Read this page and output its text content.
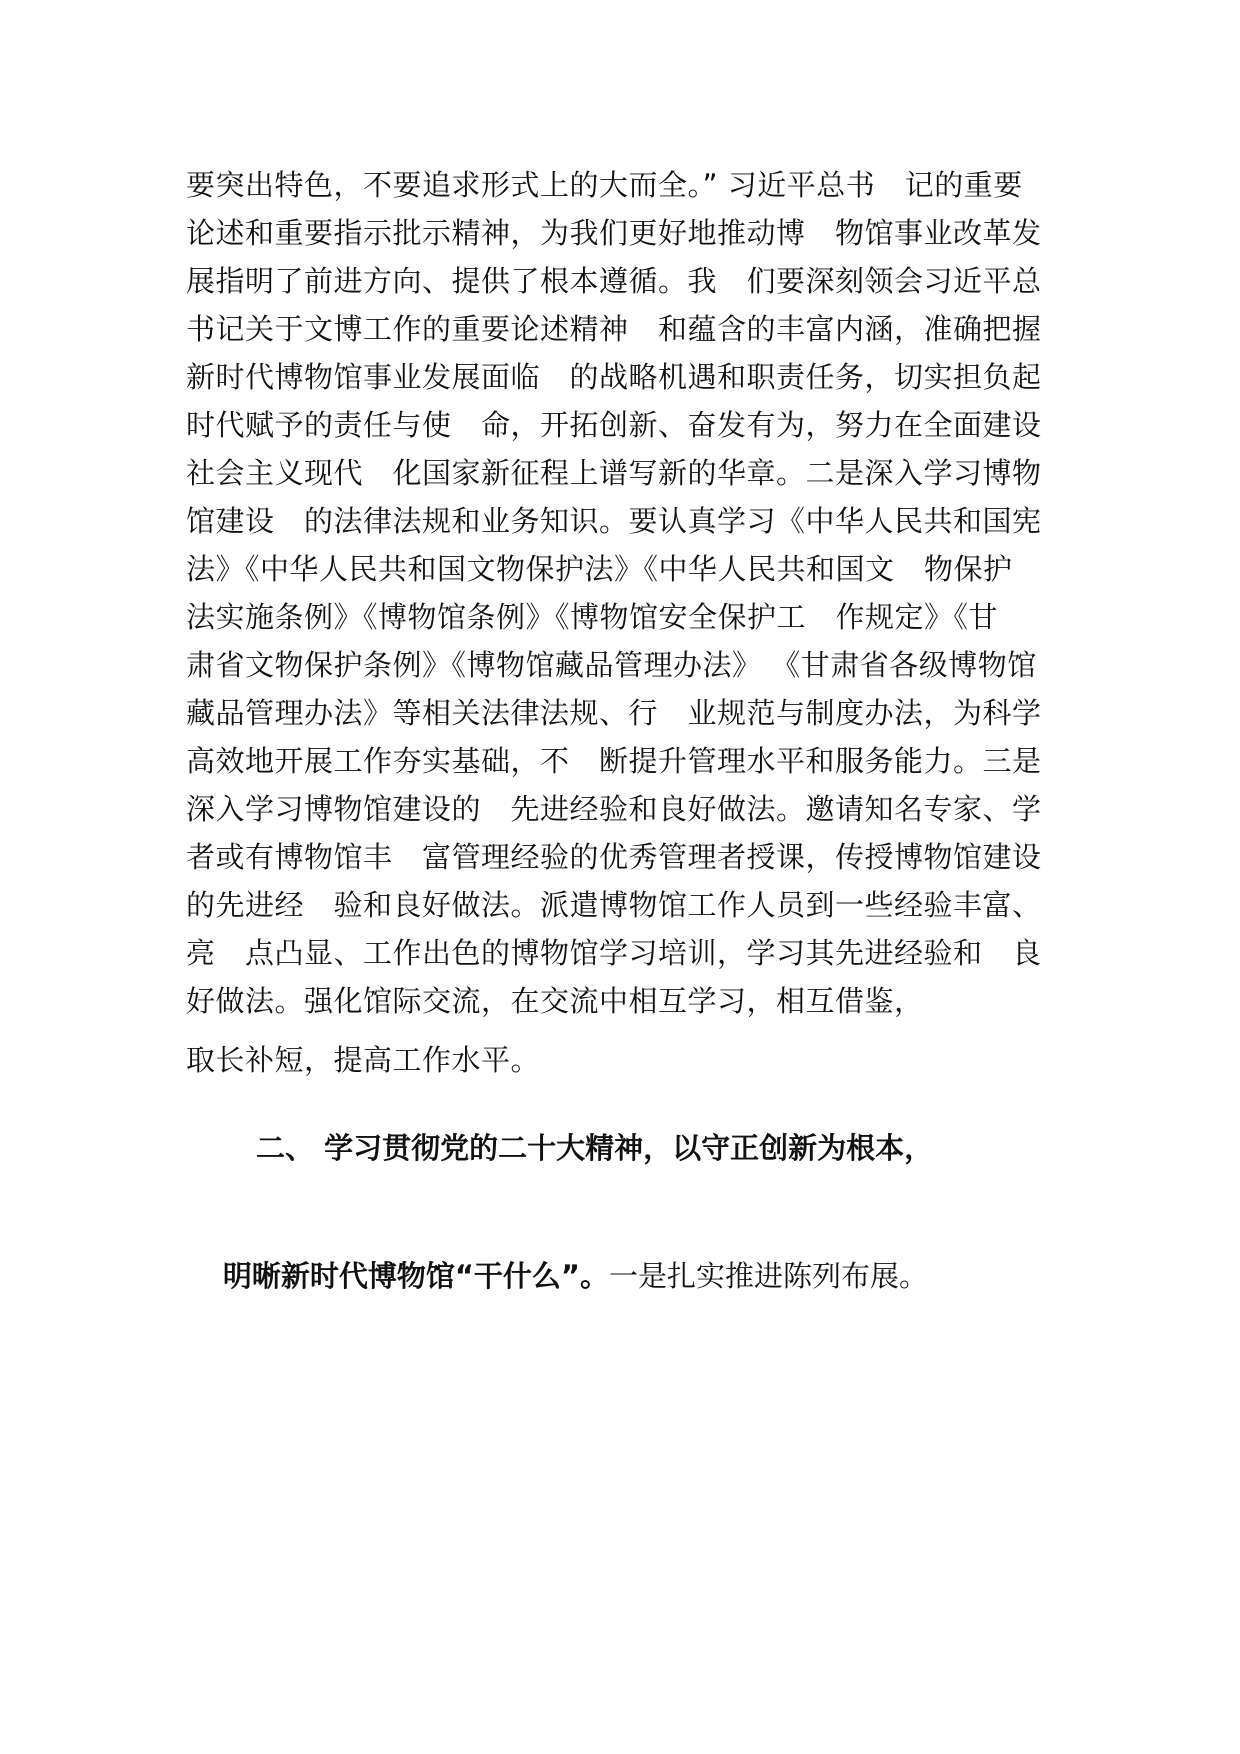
要突出特色，不要追求形式上的大而全。” 习近平总书　记的重要
论述和重要指示批示精神，为我们更好地推动博　物馆事业改革发
展指明了前进方向、提供了根本遵循。我　们要深刻领会习近平总
书记关于文博工作的重要论述精神　和蕴含的丰富内涵，准确把握
新时代博物馆事业发展面临　的战略机遇和职责任务，切实担负起
时代赋予的责任与使　命，开拓创新、奋发有为，努力在全面建设
社会主义现代　化国家新征程上谱写新的华章。二是深入学习博物
馆建设　的法律法规和业务知识。要认真学习《中华人民共和国宪
法》《中华人民共和国文物保护法》《中华人民共和国文　物保护
法实施条例》《博物馆条例》《博物馆安全保护工　作规定》《甘
肃省文物保护条例》《博物馆藏品管理办法》 《甘肃省各级博物馆
藏品管理办法》等相关法律法规、行　业规范与制度办法，为科学
高效地开展工作夯实基础，不　断提升管理水平和服务能力。三是
深入学习博物馆建设的　先进经验和良好做法。邀请知名专家、学
者或有博物馆丰　富管理经验的优秀管理者授课，传授博物馆建设
的先进经　验和良好做法。派遣博物馆工作人员到一些经验丰富、
亮　点凸显、工作出色的博物馆学习培训，学习其先进经验和　良
好做法。强化馆际交流，在交流中相互学习，相互借鉴，
取长补短，提高工作水平。
二、 学习贯彻党的二十大精神，以守正创新为根本，

明晰新时代博物馆“干什么”。一是扎实推进陈列布展。
